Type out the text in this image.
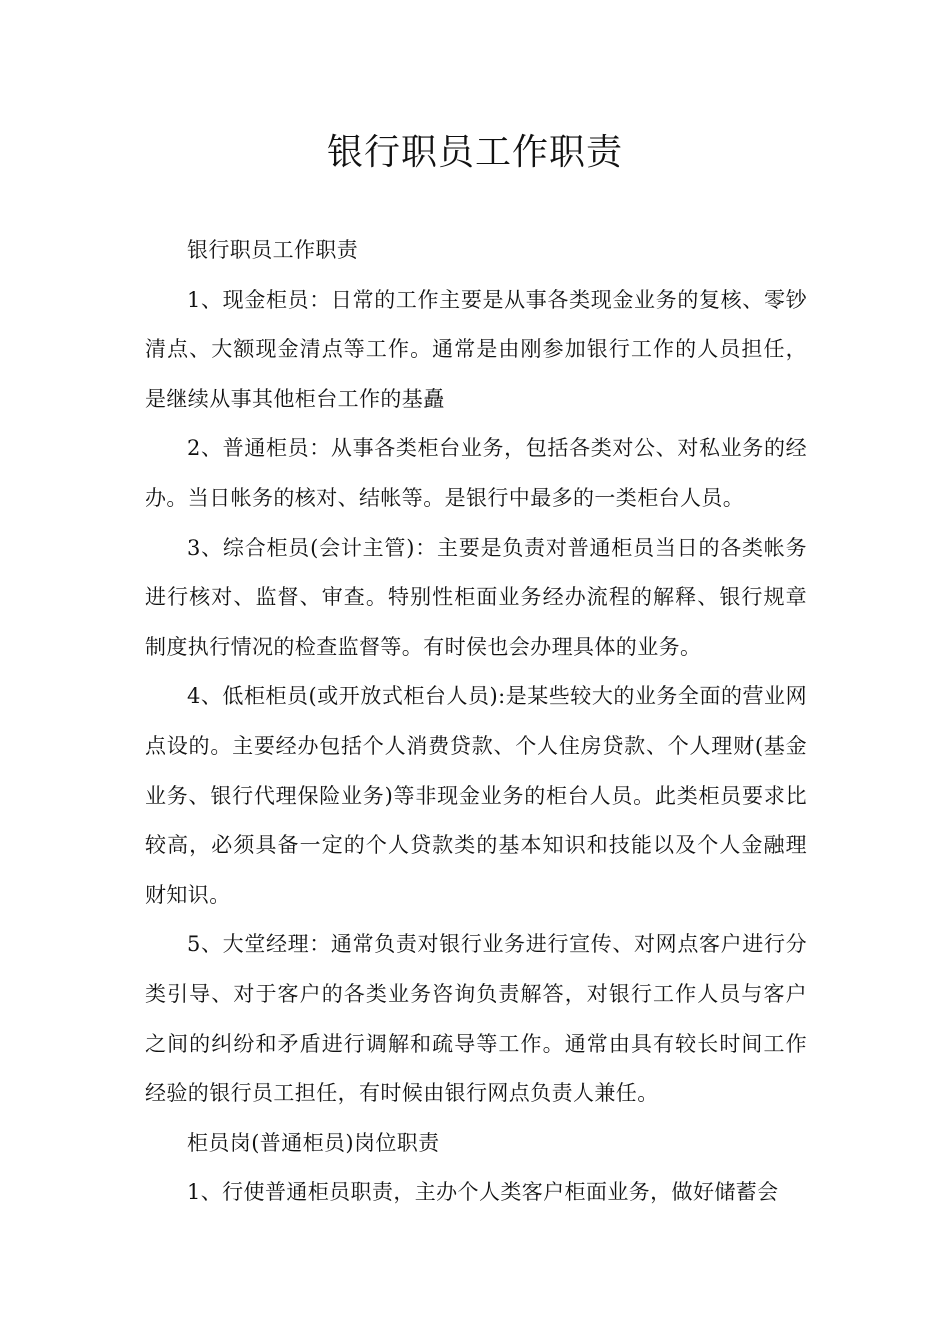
银行职员工作职责

银行职员工作职责

1、现金柜员：日常的工作主要是从事各类现金业务的复核、零钞清点、大额现金清点等工作。通常是由刚参加银行工作的人员担任，是继续从事其他柜台工作的基矗

2、普通柜员：从事各类柜台业务，包括各类对公、对私业务的经办。当日帐务的核对、结帐等。是银行中最多的一类柜台人员。

3、综合柜员(会计主管)：主要是负责对普通柜员当日的各类帐务进行核对、监督、审查。特别性柜面业务经办流程的解释、银行规章制度执行情况的检查监督等。有时侯也会办理具体的业务。

4、低柜柜员(或开放式柜台人员):是某些较大的业务全面的营业网点设的。主要经办包括个人消费贷款、个人住房贷款、个人理财(基金业务、银行代理保险业务)等非现金业务的柜台人员。此类柜员要求比较高，必须具备一定的个人贷款类的基本知识和技能以及个人金融理财知识。

5、大堂经理：通常负责对银行业务进行宣传、对网点客户进行分类引导、对于客户的各类业务咨询负责解答，对银行工作人员与客户之间的纠纷和矛盾进行调解和疏导等工作。通常由具有较长时间工作经验的银行员工担任，有时候由银行网点负责人兼任。

柜员岗(普通柜员)岗位职责

1、行使普通柜员职责，主办个人类客户柜面业务，做好储蓄会
